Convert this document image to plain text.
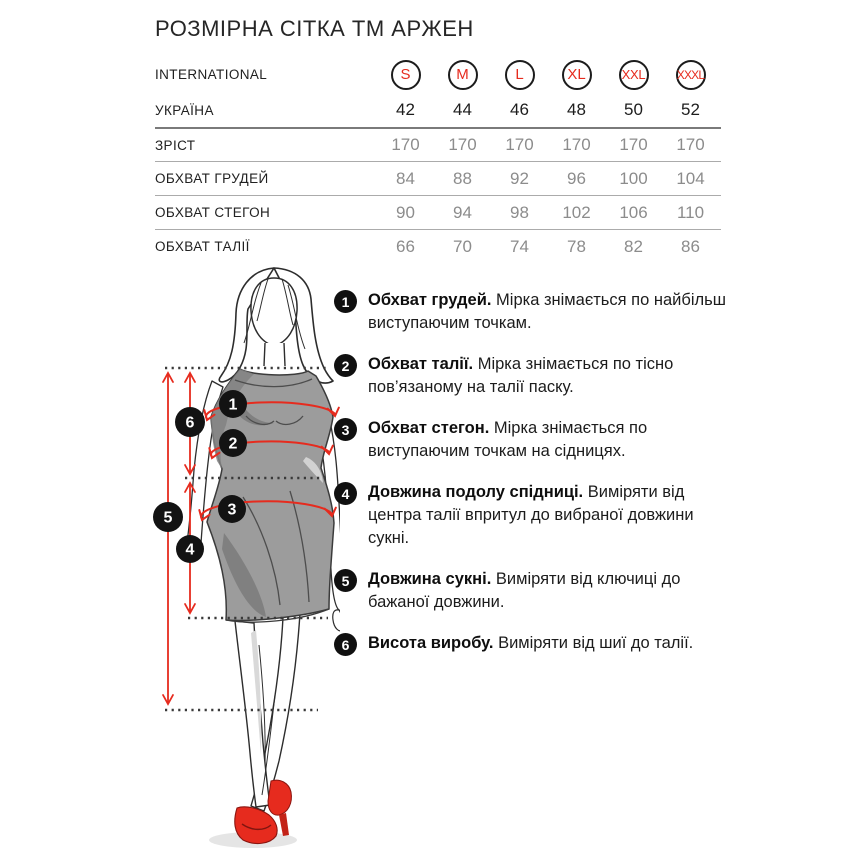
РОЗМІРНА СІТКА ТМ АРЖЕН
INTERNATIONAL	S	M	L	XL	XXL	XXXL
УКРАЇНА	42	44	46	48	50	52
ЗРІСТ	170	170	170	170	170	170
ОБХВАТ ГРУДЕЙ	84	88	92	96	100	104
ОБХВАТ СТЕГОН	90	94	98	102	106	110
ОБХВАТ ТАЛІЇ	66	70	74	78	82	86
1
2
3
4
5
6
1	Обхват грудей. Мірка знімається по найбільш виступаючим точкам.

2	Обхват талії. Мірка знімається по тісно пов’язаному на талії паску.

3	Обхват стегон. Мірка знімається по виступаючим точкам на сідницях.

4	Довжина подолу спідниці. Виміряти від центра талії впритул до вибраної довжини сукні.

5	Довжина сукні. Виміряти від ключиці до бажаної довжини.

6	Висота виробу. Виміряти від шиї до талії.
